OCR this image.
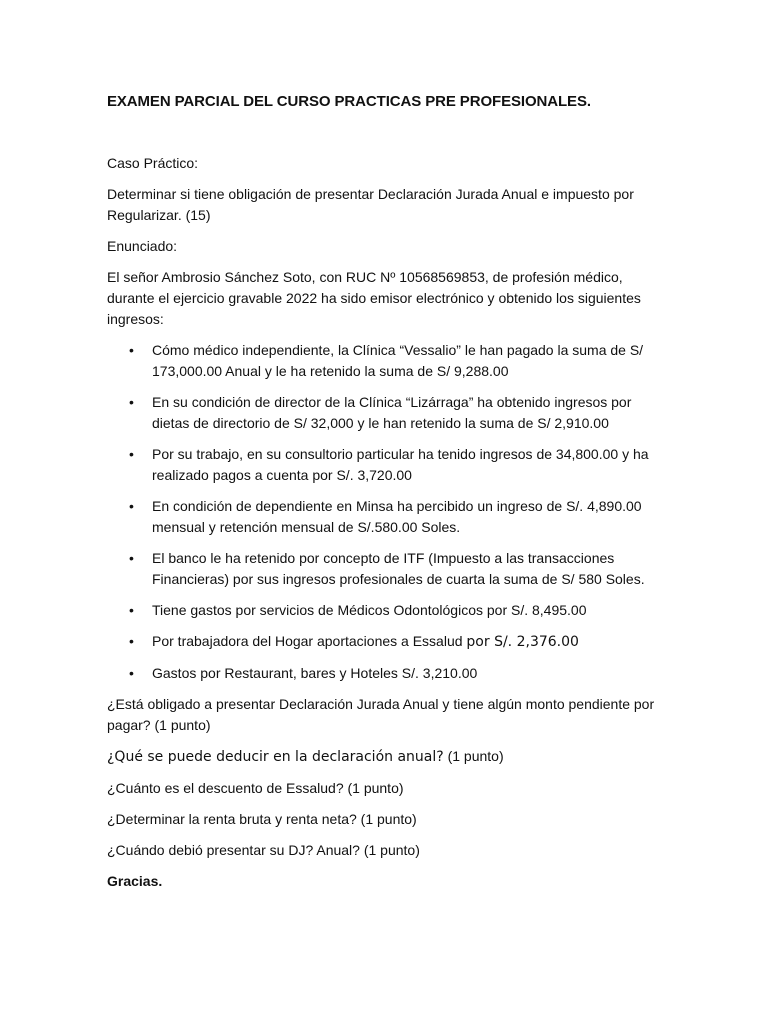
EXAMEN PARCIAL DEL CURSO PRACTICAS PRE PROFESIONALES.

Caso Práctico:

Determinar si tiene obligación de presentar Declaración Jurada Anual e impuesto por Regularizar. (15)

Enunciado:

El señor Ambrosio Sánchez Soto, con RUC Nº 10568569853, de profesión médico, durante el ejercicio gravable 2022 ha sido emisor electrónico y obtenido los siguientes ingresos:

• Cómo médico independiente, la Clínica “Vessalio” le han pagado la suma de S/ 173,000.00 Anual y le ha retenido la suma de S/ 9,288.00
• En su condición de director de la Clínica “Lizárraga” ha obtenido ingresos por dietas de directorio de S/ 32,000 y le han retenido la suma de S/ 2,910.00
• Por su trabajo, en su consultorio particular ha tenido ingresos de 34,800.00 y ha realizado pagos a cuenta por S/. 3,720.00
• En condición de dependiente en Minsa ha percibido un ingreso de S/. 4,890.00 mensual y retención mensual de S/.580.00 Soles.
• El banco le ha retenido por concepto de ITF (Impuesto a las transacciones Financieras) por sus ingresos profesionales de cuarta la suma de S/ 580 Soles.
• Tiene gastos por servicios de Médicos Odontológicos por S/. 8,495.00
• Por trabajadora del Hogar aportaciones a Essalud por S/. 2,376.00
• Gastos por Restaurant, bares y Hoteles S/. 3,210.00

¿Está obligado a presentar Declaración Jurada Anual y tiene algún monto pendiente por pagar? (1 punto)

¿Qué se puede deducir en la declaración anual? (1 punto)

¿Cuánto es el descuento de Essalud? (1 punto)

¿Determinar la renta bruta y renta neta? (1 punto)

¿Cuándo debió presentar su DJ? Anual? (1 punto)

Gracias.
